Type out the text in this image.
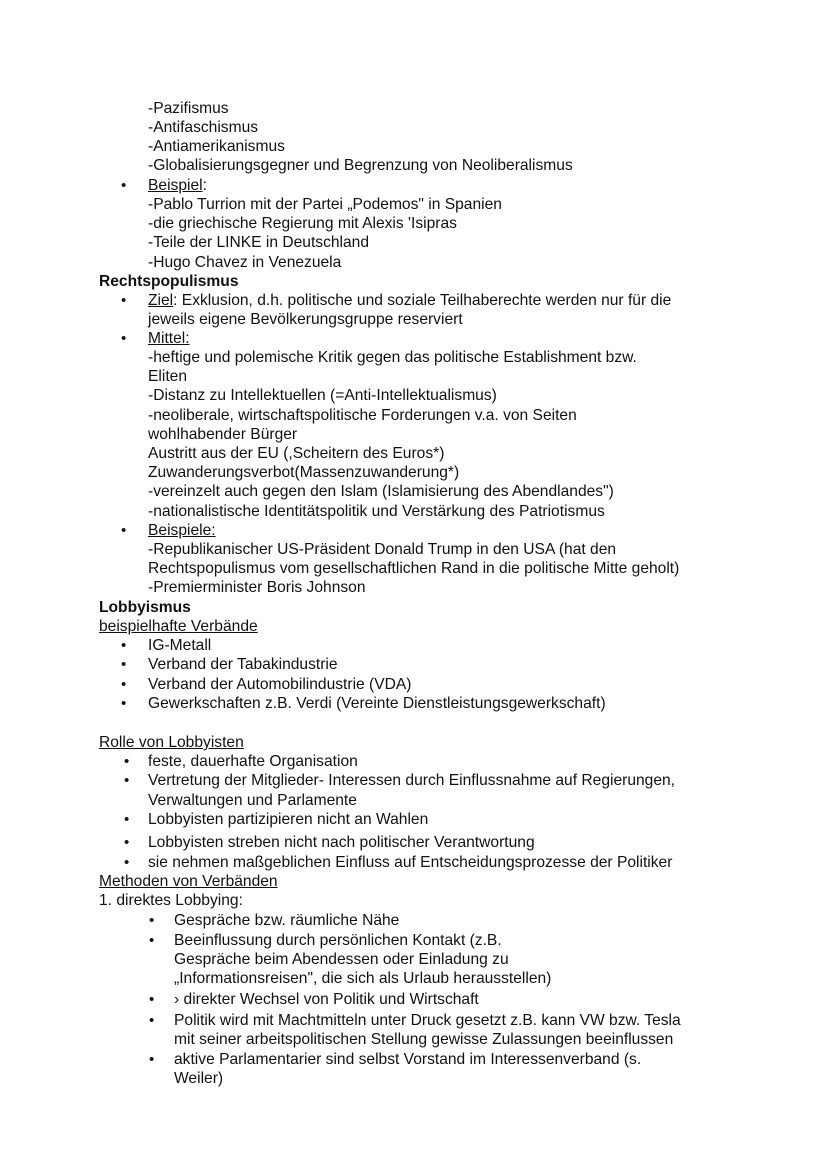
-Pazifismus
-Antifaschismus
-Antiamerikanismus
-Globalisierungsgegner und Begrenzung von Neoliberalismus
•
Beispiel:
-Pablo Turrion mit der Partei „Podemos" in Spanien
-die griechische Regierung mit Alexis 'Isipras
-Teile der LINKE in Deutschland
-Hugo Chavez in Venezuela
Rechtspopulismus
•
Ziel: Exklusion, d.h. politische und soziale Teilhaberechte werden nur für die
jeweils eigene Bevölkerungsgruppe reserviert
•
Mittel:
-heftige und polemische Kritik gegen das politische Establishment bzw.
Eliten
-Distanz zu Intellektuellen (=Anti-Intellektualismus)
-neoliberale, wirtschaftspolitische Forderungen v.a. von Seiten
wohlhabender Bürger
Austritt aus der EU (,Scheitern des Euros*)
Zuwanderungsverbot(Massenzuwanderung*)
-vereinzelt auch gegen den Islam (Islamisierung des Abendlandes")
-nationalistische Identitätspolitik und Verstärkung des Patriotismus
•
Beispiele:
-Republikanischer US-Präsident Donald Trump in den USA (hat den
Rechtspopulismus vom gesellschaftlichen Rand in die politische Mitte geholt)
-Premierminister Boris Johnson
Lobbyismus
beispielhafte Verbände
•
IG-Metall
•
Verband der Tabakindustrie
•
Verband der Automobilindustrie (VDA)
•
Gewerkschaften z.B. Verdi (Vereinte Dienstleistungsgewerkschaft)
Rolle von Lobbyisten
•
feste, dauerhafte Organisation
•
Vertretung der Mitglieder- Interessen durch Einflussnahme auf Regierungen,
Verwaltungen und Parlamente
•
Lobbyisten partizipieren nicht an Wahlen
•
Lobbyisten streben nicht nach politischer Verantwortung
•
sie nehmen maßgeblichen Einfluss auf Entscheidungsprozesse der Politiker
Methoden von Verbänden
1. direktes Lobbying:
•
Gespräche bzw. räumliche Nähe
•
Beeinflussung durch persönlichen Kontakt (z.B.
Gespräche beim Abendessen oder Einladung zu
„Informationsreisen", die sich als Urlaub herausstellen)
•
› direkter Wechsel von Politik und Wirtschaft
•
Politik wird mit Machtmitteln unter Druck gesetzt z.B. kann VW bzw. Tesla
mit seiner arbeitspolitischen Stellung gewisse Zulassungen beeinflussen
•
aktive Parlamentarier sind selbst Vorstand im Interessenverband (s.
Weiler)
